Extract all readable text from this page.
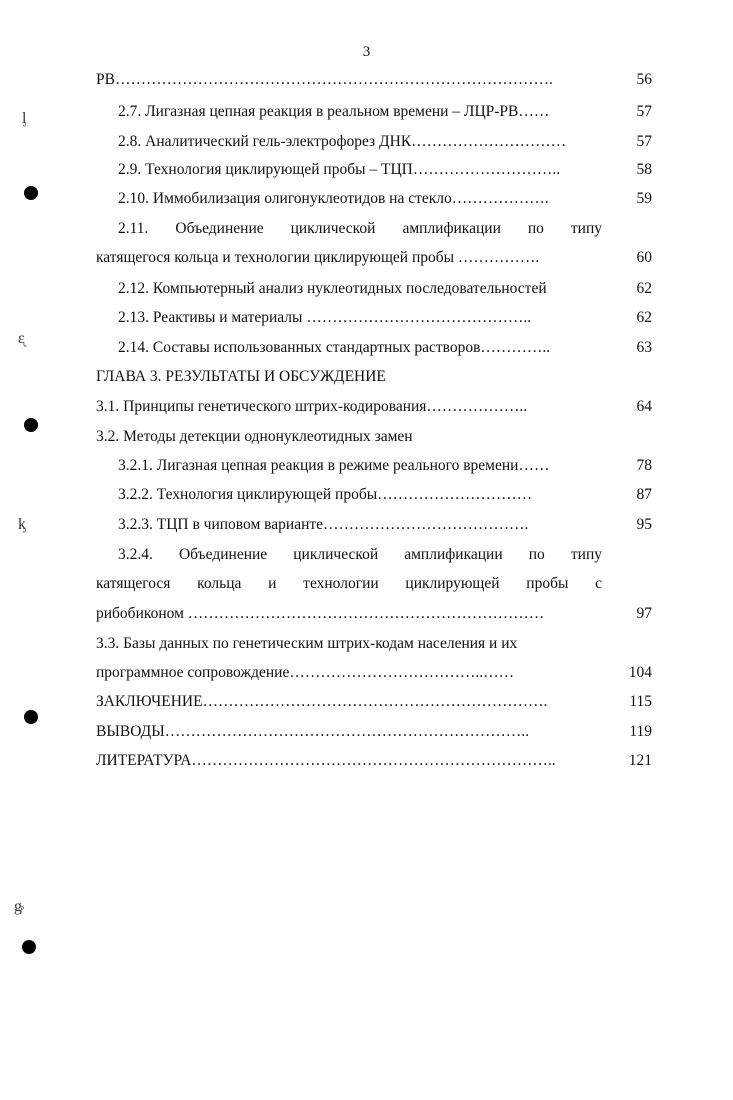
3
ᶅ
ᶓ
ᶄ
ᶃ
РВ………………………………………………………………………….	56
2.7. Лигазная цепная реакция в реальном времени – ЛЦР-РВ……	57
2.8. Аналитический гель-электрофорез ДНК…………………………	57
2.9. Технология циклирующей пробы – ТЦП………………………..	58
2.10. Иммобилизация олигонуклеотидов на стекло……………….	59
2.11. Объединение циклической амплификации по типу
катящегося кольца и технологии циклирующей пробы …………….	60
2.12. Компьютерный анализ нуклеотидных последовательностей	62
2.13. Реактивы и материалы ……………………………………..	62
2.14. Составы использованных стандартных растворов…………..	63
ГЛАВА 3. РЕЗУЛЬТАТЫ И ОБСУЖДЕНИЕ
3.1. Принципы генетического штрих-кодирования………………..	64
3.2. Методы детекции однонуклеотидных замен
3.2.1. Лигазная цепная реакция в режиме реального времени……	78
3.2.2. Технология циклирующей пробы…………………………	87
3.2.3. ТЦП в чиповом варианте………………………………….	95
3.2.4. Объединение циклической амплификации по типу
катящегося кольца и технологии циклирующей пробы с
рибобиконом ……………………………………………………………	97
3.3. Базы данных по генетическим штрих-кодам населения и их
программное сопровождение………………………………..……	104
ЗАКЛЮЧЕНИЕ………………………………………………………….	115
ВЫВОДЫ……………………………………………………………..	119
ЛИТЕРАТУРА……………………………………………………………..	121
